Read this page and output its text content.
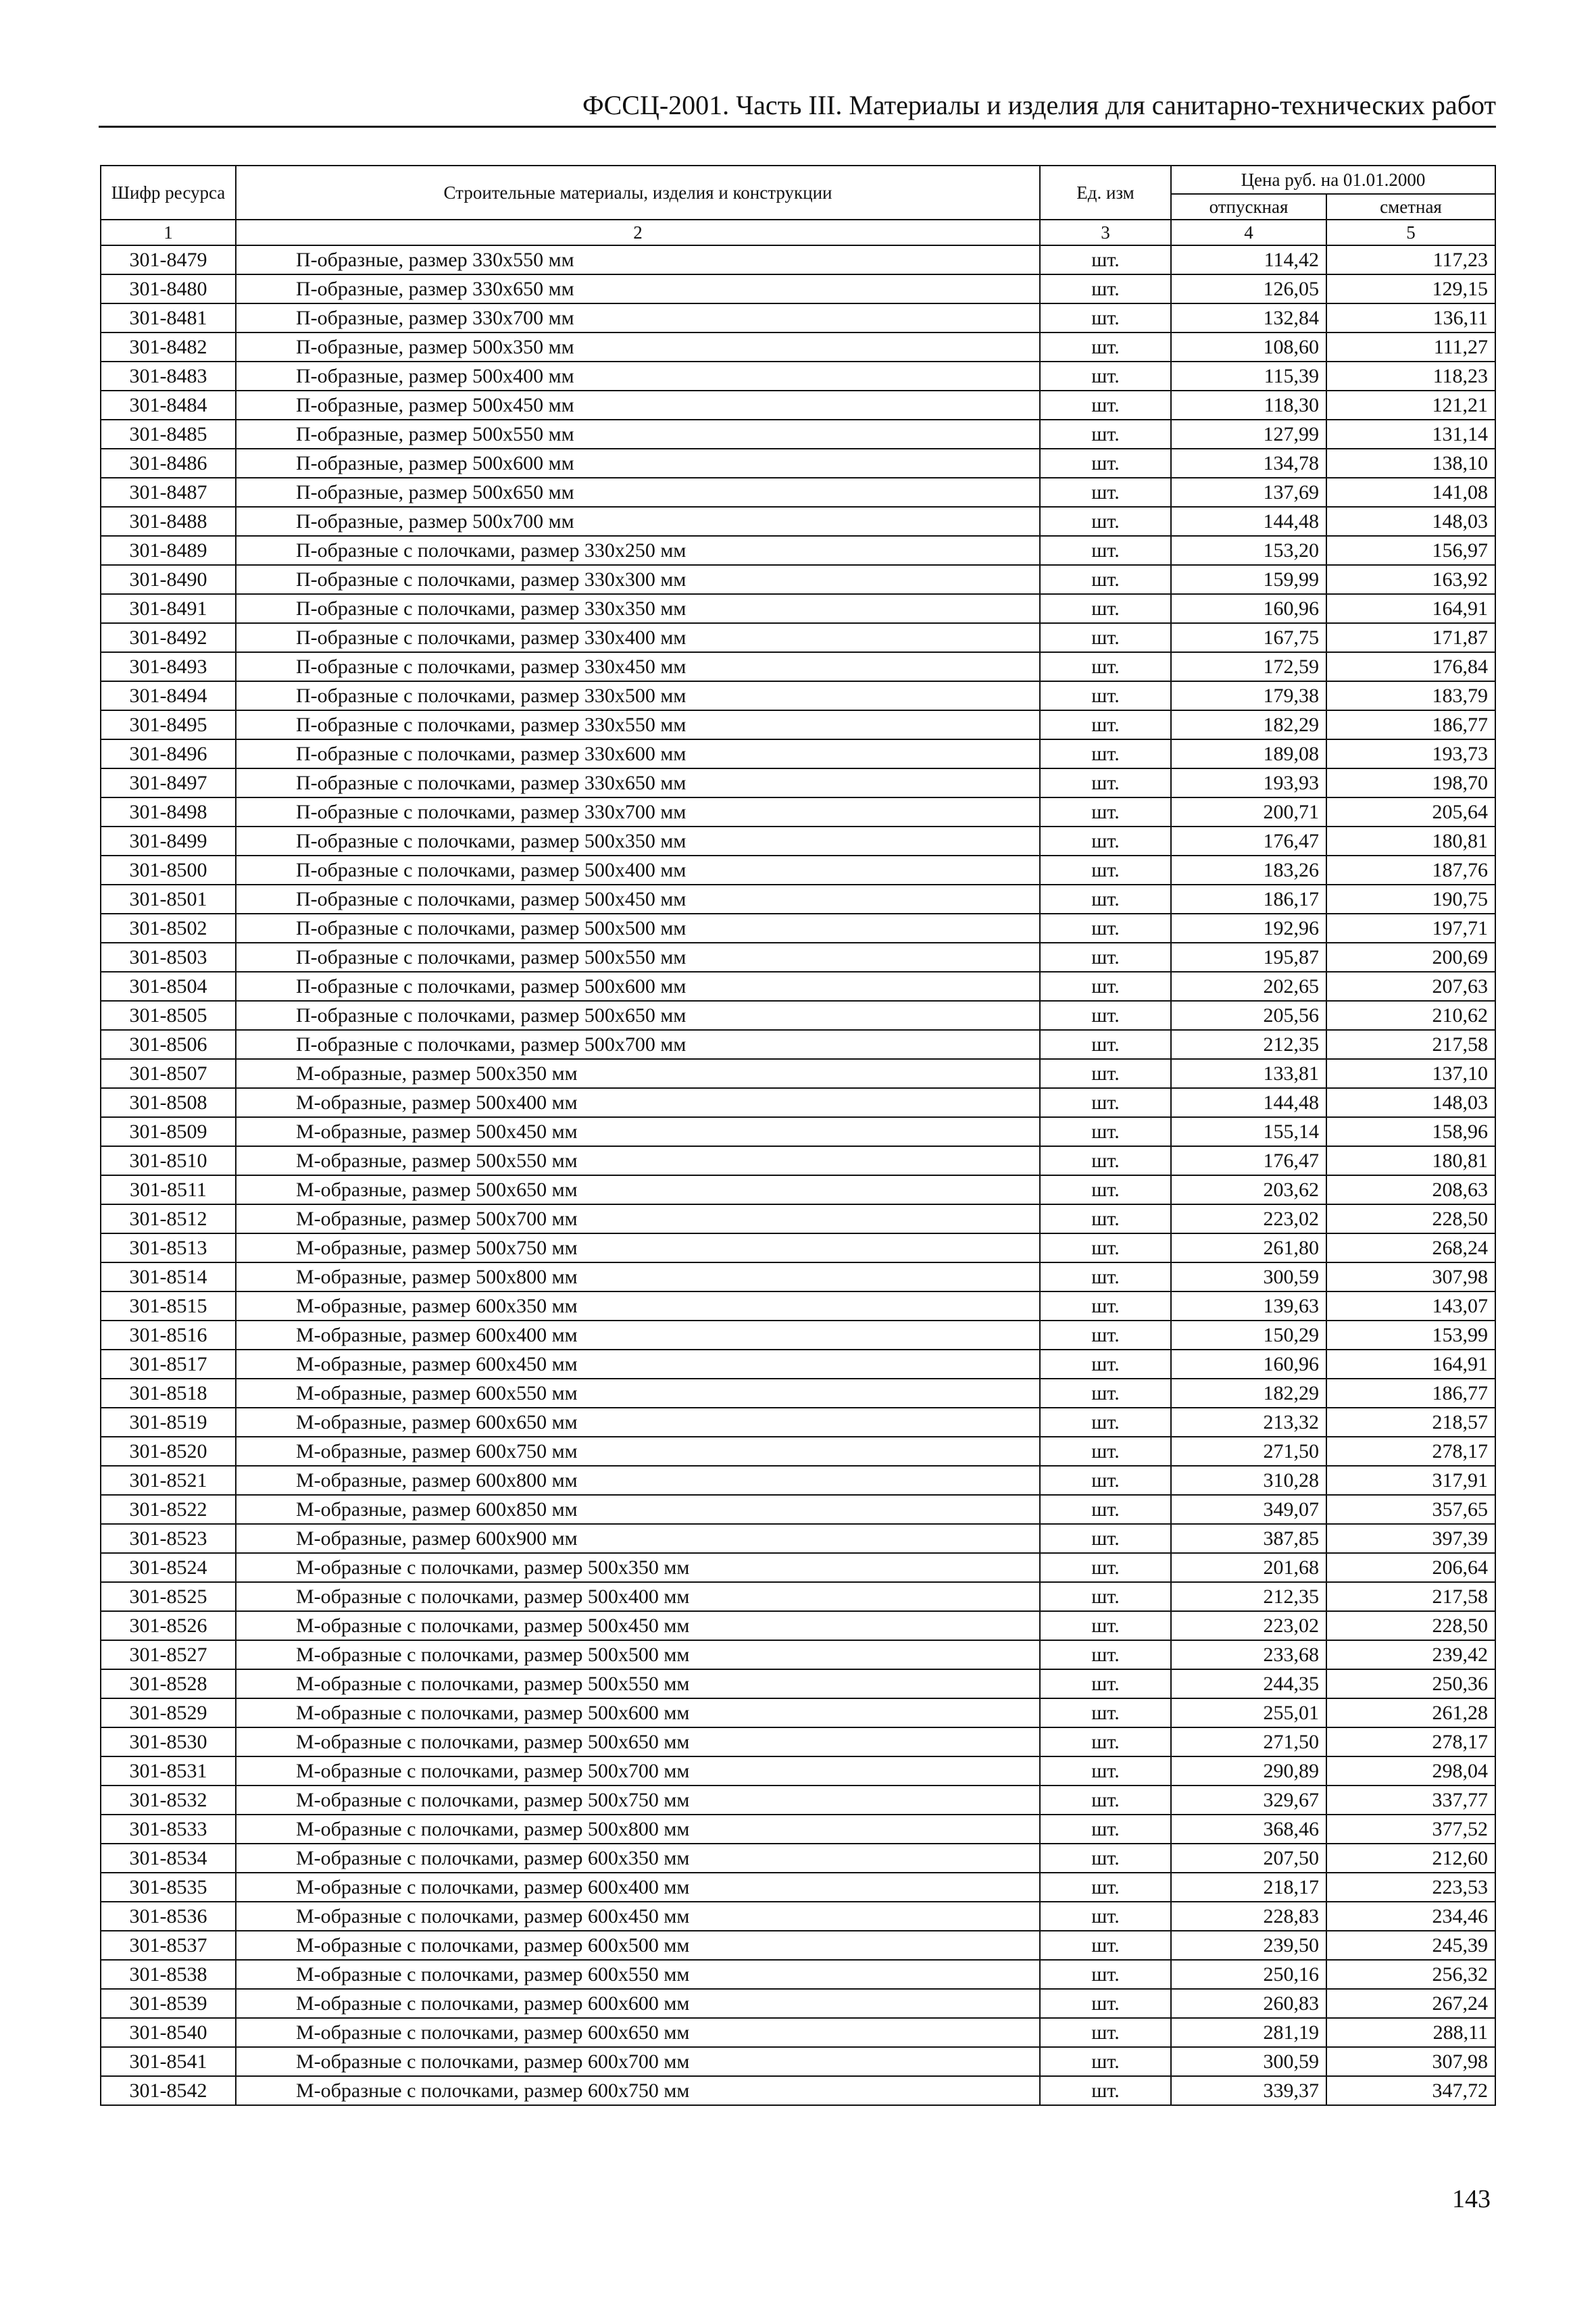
ФССЦ-2001. Часть III. Материалы и изделия для санитарно-технических работ
Шифр ресурса	Строительные материалы, изделия и конструкции	Ед. изм	Цена руб. на 01.01.2000	
			отпускная	сметная
1	2	3	4	5
301-8479	П-образные, размер 330х550 мм	шт.	114,42	117,23
301-8480	П-образные, размер 330х650 мм	шт.	126,05	129,15
301-8481	П-образные, размер 330х700 мм	шт.	132,84	136,11
301-8482	П-образные, размер 500х350 мм	шт.	108,60	111,27
301-8483	П-образные, размер 500х400 мм	шт.	115,39	118,23
301-8484	П-образные, размер 500х450 мм	шт.	118,30	121,21
301-8485	П-образные, размер 500х550 мм	шт.	127,99	131,14
301-8486	П-образные, размер 500х600 мм	шт.	134,78	138,10
301-8487	П-образные, размер 500х650 мм	шт.	137,69	141,08
301-8488	П-образные, размер 500х700 мм	шт.	144,48	148,03
301-8489	П-образные с полочками, размер 330х250 мм	шт.	153,20	156,97
301-8490	П-образные с полочками, размер 330х300 мм	шт.	159,99	163,92
301-8491	П-образные с полочками, размер 330х350 мм	шт.	160,96	164,91
301-8492	П-образные с полочками, размер 330х400 мм	шт.	167,75	171,87
301-8493	П-образные с полочками, размер 330х450 мм	шт.	172,59	176,84
301-8494	П-образные с полочками, размер 330х500 мм	шт.	179,38	183,79
301-8495	П-образные с полочками, размер 330х550 мм	шт.	182,29	186,77
301-8496	П-образные с полочками, размер 330х600 мм	шт.	189,08	193,73
301-8497	П-образные с полочками, размер 330х650 мм	шт.	193,93	198,70
301-8498	П-образные с полочками, размер 330х700 мм	шт.	200,71	205,64
301-8499	П-образные с полочками, размер 500х350 мм	шт.	176,47	180,81
301-8500	П-образные с полочками, размер 500х400 мм	шт.	183,26	187,76
301-8501	П-образные с полочками, размер 500х450 мм	шт.	186,17	190,75
301-8502	П-образные с полочками, размер 500х500 мм	шт.	192,96	197,71
301-8503	П-образные с полочками, размер 500х550 мм	шт.	195,87	200,69
301-8504	П-образные с полочками, размер 500х600 мм	шт.	202,65	207,63
301-8505	П-образные с полочками, размер 500х650 мм	шт.	205,56	210,62
301-8506	П-образные с полочками, размер 500х700 мм	шт.	212,35	217,58
301-8507	М-образные, размер 500х350 мм	шт.	133,81	137,10
301-8508	М-образные, размер 500х400 мм	шт.	144,48	148,03
301-8509	М-образные, размер 500х450 мм	шт.	155,14	158,96
301-8510	М-образные, размер 500х550 мм	шт.	176,47	180,81
301-8511	М-образные, размер 500х650 мм	шт.	203,62	208,63
301-8512	М-образные, размер 500х700 мм	шт.	223,02	228,50
301-8513	М-образные, размер 500х750 мм	шт.	261,80	268,24
301-8514	М-образные, размер 500х800 мм	шт.	300,59	307,98
301-8515	М-образные, размер 600х350 мм	шт.	139,63	143,07
301-8516	М-образные, размер 600х400 мм	шт.	150,29	153,99
301-8517	М-образные, размер 600х450 мм	шт.	160,96	164,91
301-8518	М-образные, размер 600х550 мм	шт.	182,29	186,77
301-8519	М-образные, размер 600х650 мм	шт.	213,32	218,57
301-8520	М-образные, размер 600х750 мм	шт.	271,50	278,17
301-8521	М-образные, размер 600х800 мм	шт.	310,28	317,91
301-8522	М-образные, размер 600х850 мм	шт.	349,07	357,65
301-8523	М-образные, размер 600х900 мм	шт.	387,85	397,39
301-8524	М-образные с полочками, размер 500х350 мм	шт.	201,68	206,64
301-8525	М-образные с полочками, размер 500х400 мм	шт.	212,35	217,58
301-8526	М-образные с полочками, размер 500х450 мм	шт.	223,02	228,50
301-8527	М-образные с полочками, размер 500х500 мм	шт.	233,68	239,42
301-8528	М-образные с полочками, размер 500х550 мм	шт.	244,35	250,36
301-8529	М-образные с полочками, размер 500х600 мм	шт.	255,01	261,28
301-8530	М-образные с полочками, размер 500х650 мм	шт.	271,50	278,17
301-8531	М-образные с полочками, размер 500х700 мм	шт.	290,89	298,04
301-8532	М-образные с полочками, размер 500х750 мм	шт.	329,67	337,77
301-8533	М-образные с полочками, размер 500х800 мм	шт.	368,46	377,52
301-8534	М-образные с полочками, размер 600х350 мм	шт.	207,50	212,60
301-8535	М-образные с полочками, размер 600х400 мм	шт.	218,17	223,53
301-8536	М-образные с полочками, размер 600х450 мм	шт.	228,83	234,46
301-8537	М-образные с полочками, размер 600х500 мм	шт.	239,50	245,39
301-8538	М-образные с полочками, размер 600х550 мм	шт.	250,16	256,32
301-8539	М-образные с полочками, размер 600х600 мм	шт.	260,83	267,24
301-8540	М-образные с полочками, размер 600х650 мм	шт.	281,19	288,11
301-8541	М-образные с полочками, размер 600х700 мм	шт.	300,59	307,98
301-8542	М-образные с полочками, размер 600х750 мм	шт.	339,37	347,72
143
